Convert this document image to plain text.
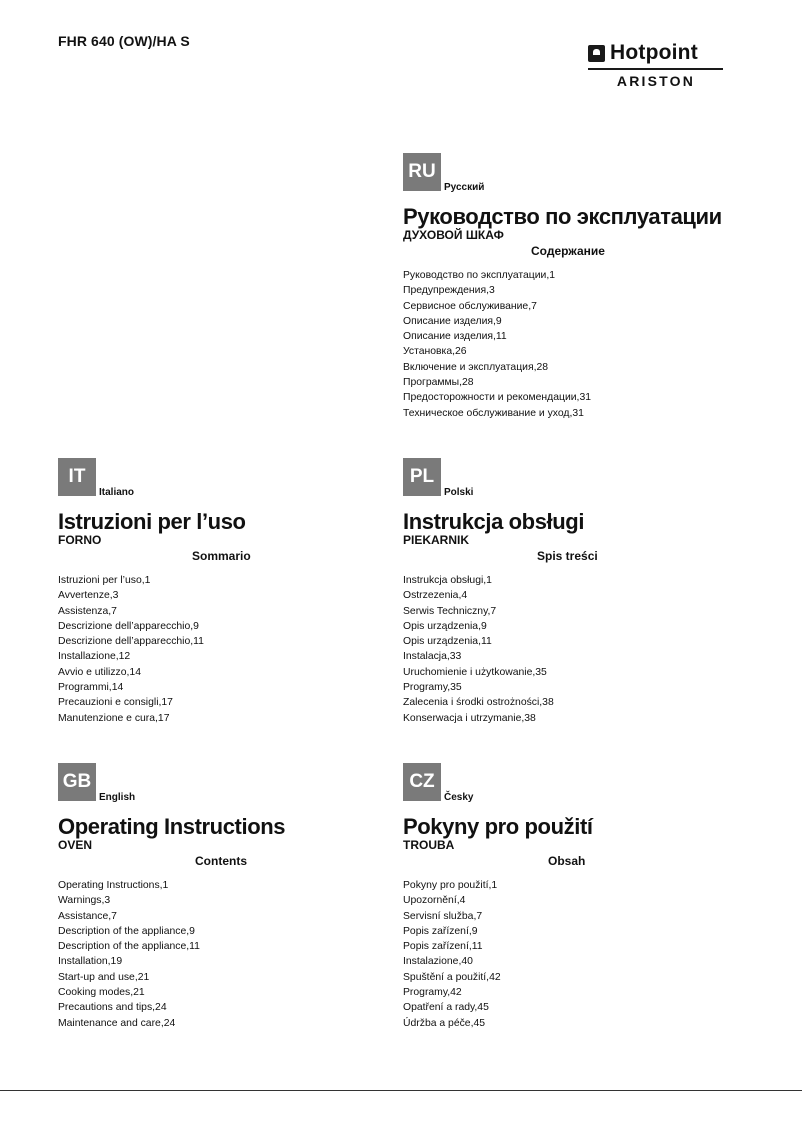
FHR 640 (OW)/HA S	Hotpoint
ARISTON
RU
Русский
Руководство по эксплуатации
ДУХОВОЙ ШКАФ
Содержание
Руководство по эксплуатации,1
Предупреждения,3
Сервисное обслуживание,7
Описание изделия,9
Описание изделия,11
Установка,26
Включение и эксплуатация,28
Программы,28
Предосторожности и рекомендации,31
Техническое обслуживание и уход,31
IT
Italiano
Istruzioni per l’uso
FORNO
Sommario
Istruzioni per l’uso,1
Avvertenze,3
Assistenza,7
Descrizione dell’apparecchio,9
Descrizione dell’apparecchio,11
Installazione,12
Avvio e utilizzo,14
Programmi,14
Precauzioni e consigli,17
Manutenzione e cura,17
PL
Polski
Instrukcja obsługi
PIEKARNIK
Spis treści
Instrukcja obsługi,1
Ostrzezenia,4
Serwis Techniczny,7
Opis urządzenia,9
Opis urządzenia,11
Instalacja,33
Uruchomienie i użytkowanie,35
Programy,35
Zalecenia i środki ostrożności,38
Konserwacja i utrzymanie,38
GB
English
Operating Instructions
OVEN
Contents
Operating Instructions,1
Warnings,3
Assistance,7
Description of the appliance,9
Description of the appliance,11
Installation,19
Start-up and use,21
Cooking modes,21
Precautions and tips,24
Maintenance and care,24
CZ
Česky
Pokyny pro použití
TROUBA
Obsah
Pokyny pro použití,1
Upozornění,4
Servisní služba,7
Popis zařízení,9
Popis zařízení,11
Instalazione,40
Spuštění a použití,42
Programy,42
Opatření a rady,45
Údržba a péče,45
